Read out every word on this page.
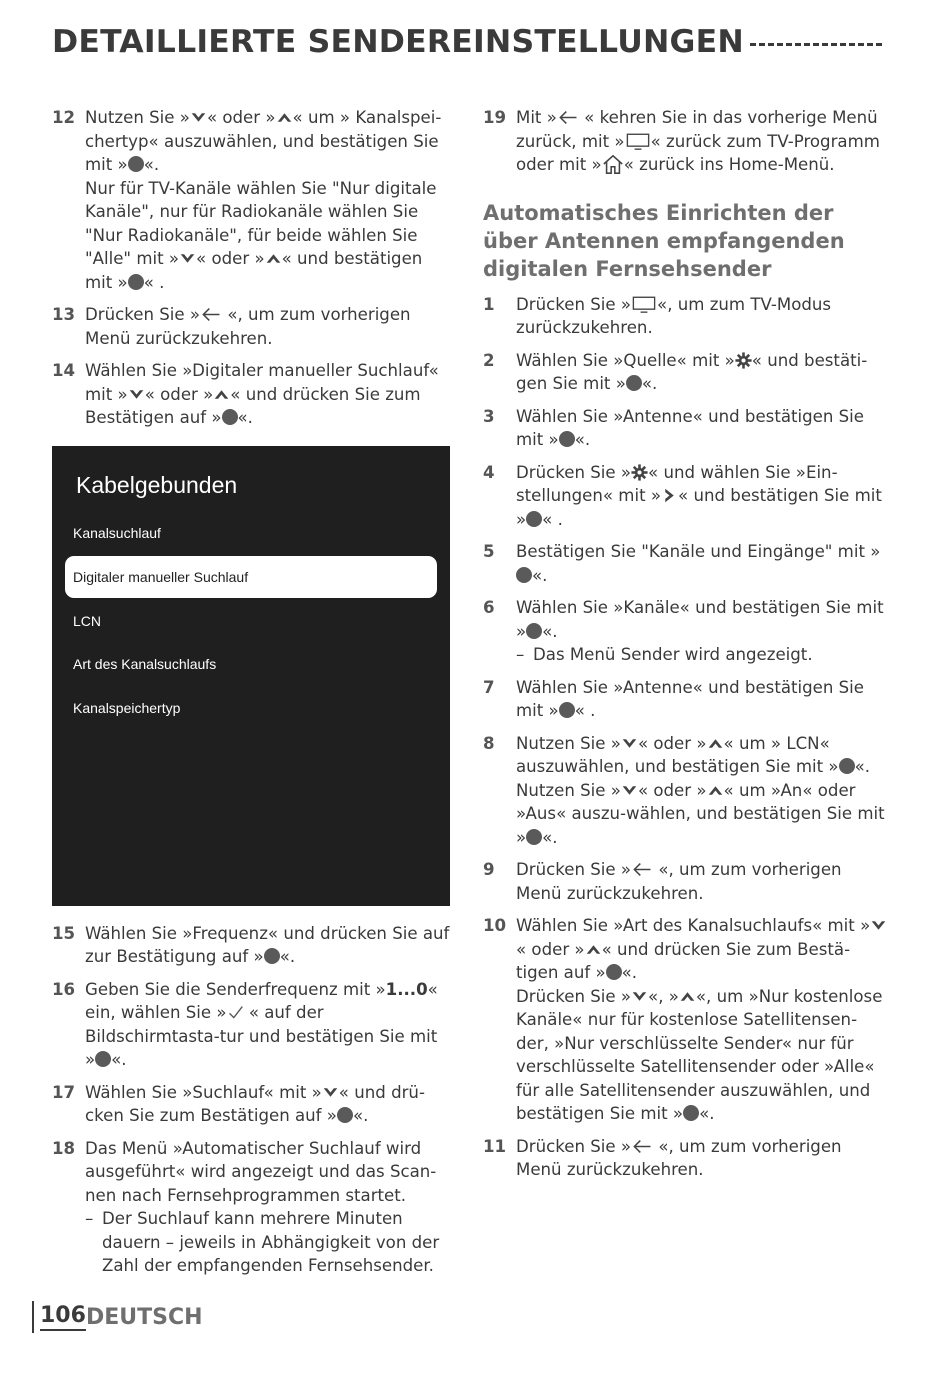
DETAILLIERTE SENDEREINSTELLUNGEN
12 Nutzen Sie » « oder » « um » Kanalspei-chertyp« auszuwählen, und bestätigen Sie mit » «.

Nur für TV-Kanäle wählen Sie "Nur digitale Kanäle", nur für Radiokanäle wählen Sie "Nur Radiokanäle", für beide wählen Sie "Alle" mit » « oder » « und bestätigen mit » « .

13 Drücken Sie » «, um zum vorherigen Menü zurückzukehren.

14 Wählen Sie »Digitaler manueller Suchlauf« mit » « oder » « und drücken Sie zum Bestätigen auf » «.

Kabelgebunden
Kanalsuchlauf
Digitaler manueller Suchlauf
LCN
Art des Kanalsuchlaufs
Kanalspeichertyp
15 Wählen Sie »Frequenz« und drücken Sie auf zur Bestätigung auf » «.

16 Geben Sie die Senderfrequenz mit »1...0« ein, wählen Sie » « auf der Bildschirmtasta-tur und bestätigen Sie mit » «.

17 Wählen Sie »Suchlauf« mit » « und drü-cken Sie zum Bestätigen auf » «.

18 Das Menü »Automatischer Suchlauf wird ausgeführt« wird angezeigt und das Scan-nen nach Fernsehprogrammen startet.

– Der Suchlauf kann mehrere Minuten dauern – jeweils in Abhängigkeit von der Zahl der empfangenden Fernsehsender.
19 Mit » « kehren Sie in das vorherige Menü zurück, mit » « zurück zum TV-Programm oder mit » « zurück ins Home-Menü.

Automatisches Einrichten der über Antennen empfangenden digitalen Fernsehsender
1 Drücken Sie » «, um zum TV-Modus zurückzukehren.

2 Wählen Sie »Quelle« mit » « und bestäti-gen Sie mit » «.

3 Wählen Sie »Antenne« und bestätigen Sie mit » «.

4 Drücken Sie » « und wählen Sie »Ein-stellungen« mit » « und bestätigen Sie mit » « .

5 Bestätigen Sie "Kanäle und Eingänge" mit »«.

6 Wählen Sie »Kanäle« und bestätigen Sie mit » «.

– Das Menü Sender wird angezeigt.
7 Wählen Sie »Antenne« und bestätigen Sie mit » « .

8 Nutzen Sie » « oder » « um » LCN« auszuwählen, und bestätigen Sie mit » «.

Nutzen Sie » « oder » « um »An« oder »Aus« auszu-wählen, und bestätigen Sie mit » «.

9 Drücken Sie » «, um zum vorherigen Menü zurückzukehren.

10 Wählen Sie »Art des Kanalsuchlaufs« mit »« oder » « und drücken Sie zum Bestä-tigen auf » «.

Drücken Sie » «, » «, um »Nur kostenlose Kanäle« nur für kostenlose Satellitensen-der, »Nur verschlüsselte Sender« nur für verschlüsselte Satellitensender oder »Alle« für alle Satellitensender auszuwählen, und bestätigen Sie mit » «.

11 Drücken Sie » «, um zum vorherigen Menü zurückzukehren.

106 DEUTSCH
